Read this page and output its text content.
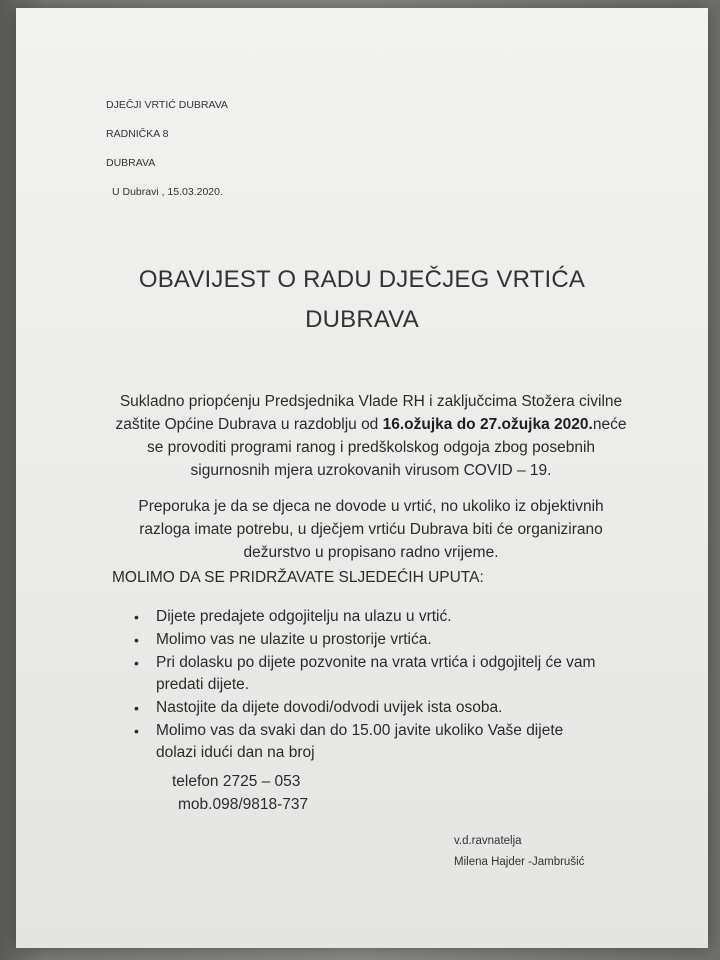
DJEČJI VRTIĆ DUBRAVA
RADNIČKA 8
DUBRAVA
U Dubravi , 15.03.2020.
OBAVIJEST O RADU DJEČJEG VRTIĆA
DUBRAVA
Sukladno priopćenju Predsjednika Vlade RH i zaključcima Stožera civilne zaštite Općine Dubrava u razdoblju od 16.ožujka do 27.ožujka 2020.neće se provoditi programi ranog i predškolskog odgoja zbog posebnih sigurnosnih mjera uzrokovanih virusom COVID – 19.
Preporuka je da se djeca ne dovode u vrtić, no ukoliko iz objektivnih razloga imate potrebu, u dječjem vrtiću Dubrava biti će organizirano dežurstvo u propisano radno vrijeme.
MOLIMO DA SE PRIDRŽAVATE SLJEDEĆIH UPUTA:
• Dijete predajete odgojitelju na ulazu u vrtić.
• Molimo vas ne ulazite u prostorije vrtića.
• Pri dolasku po dijete pozvonite na vrata vrtića i odgojitelj će vam predati dijete.
• Nastojite da dijete dovodi/odvodi uvijek ista osoba.
• Molimo vas da svaki dan do 15.00 javite ukoliko Vaše dijete dolazi idući dan na broj
telefon 2725 – 053
mob.098/9818-737
v.d.ravnatelja
Milena Hajder -Jambrušić
